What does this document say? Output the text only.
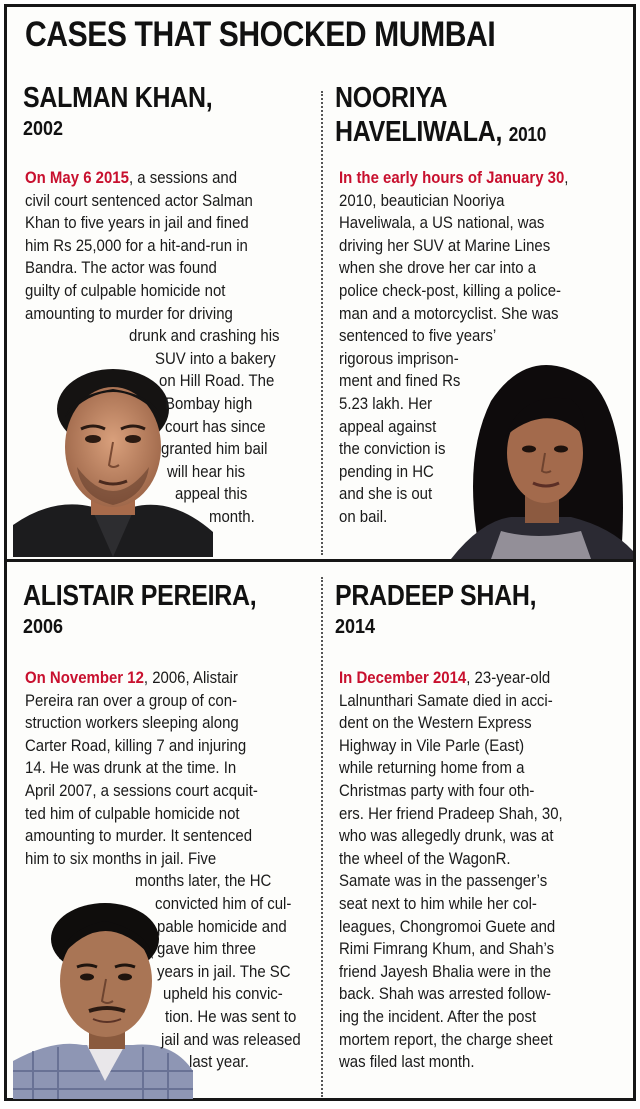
CASES THAT SHOCKED MUMBAI
SALMAN KHAN,
2002
On May 6 2015, a sessions and
civil court sentenced actor Salman
Khan to five years in jail and fined
him Rs 25,000 for a hit-and-run in
Bandra. The actor was found
guilty of culpable homicide not
amounting to murder for driving
drunk and crashing his
SUV into a bakery
on Hill Road. The
Bombay high
court has since
granted him bail
will hear his
appeal this
month.
NOORIYA
HAVELIWALA, 2010
In the early hours of January 30,
2010, beautician Nooriya
Haveliwala, a US national, was
driving her SUV at Marine Lines
when she drove her car into a
police check-post, killing a police-
man and a motorcyclist. She was
sentenced to five years’
rigorous imprison-
ment and fined Rs
5.23 lakh. Her
appeal against
the conviction is
pending in HC
and she is out
on bail.
ALISTAIR PEREIRA,
2006
On November 12, 2006, Alistair
Pereira ran over a group of con-
struction workers sleeping along
Carter Road, killing 7 and injuring
14. He was drunk at the time. In
April 2007, a sessions court acquit-
ted him of culpable homicide not
amounting to murder. It sentenced
him to six months in jail. Five
months later, the HC
convicted him of cul-
pable homicide and
gave him three
years in jail. The SC
upheld his convic-
tion. He was sent to
jail and was released
last year.
PRADEEP SHAH,
2014
In December 2014, 23-year-old
Lalnunthari Samate died in acci-
dent on the Western Express
Highway in Vile Parle (East)
while returning home from a
Christmas party with four oth-
ers. Her friend Pradeep Shah, 30,
who was allegedly drunk, was at
the wheel of the WagonR.
Samate was in the passenger’s
seat next to him while her col-
leagues, Chongromoi Guete and
Rimi Fimrang Khum, and Shah’s
friend Jayesh Bhalia were in the
back. Shah was arrested follow-
ing the incident. After the post
mortem report, the charge sheet
was filed last month.
